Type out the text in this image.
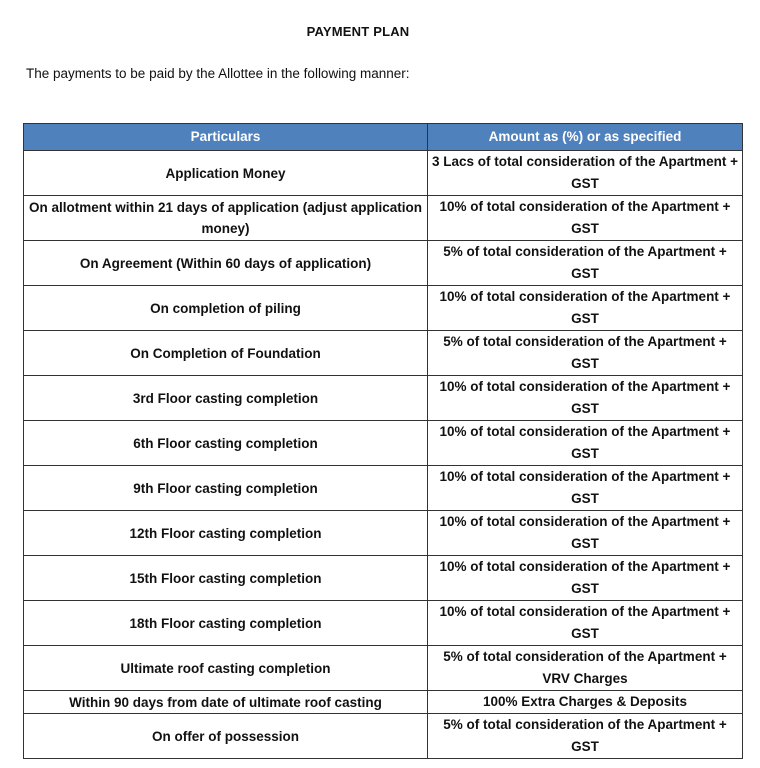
PAYMENT PLAN
The payments to be paid by the Allottee in the following manner:
Particulars	Amount as (%) or as specified
Application Money	3 Lacs of total consideration of the Apartment + GST
On allotment within 21 days of application (adjust application money)	10% of total consideration of the Apartment + GST
On Agreement (Within 60 days of application)	5% of total consideration of the Apartment + GST
On completion of piling	10% of total consideration of the Apartment + GST
On Completion of Foundation	5% of total consideration of the Apartment + GST
3rd Floor casting completion	10% of total consideration of the Apartment + GST
6th Floor casting completion	10% of total consideration of the Apartment + GST
9th Floor casting completion	10% of total consideration of the Apartment + GST
12th Floor casting completion	10% of total consideration of the Apartment + GST
15th Floor casting completion	10% of total consideration of the Apartment + GST
18th Floor casting completion	10% of total consideration of the Apartment + GST
Ultimate roof casting completion	5% of total consideration of the Apartment + VRV Charges
Within 90 days from date of ultimate roof casting	100% Extra Charges & Deposits
On offer of possession	5% of total consideration of the Apartment + GST
